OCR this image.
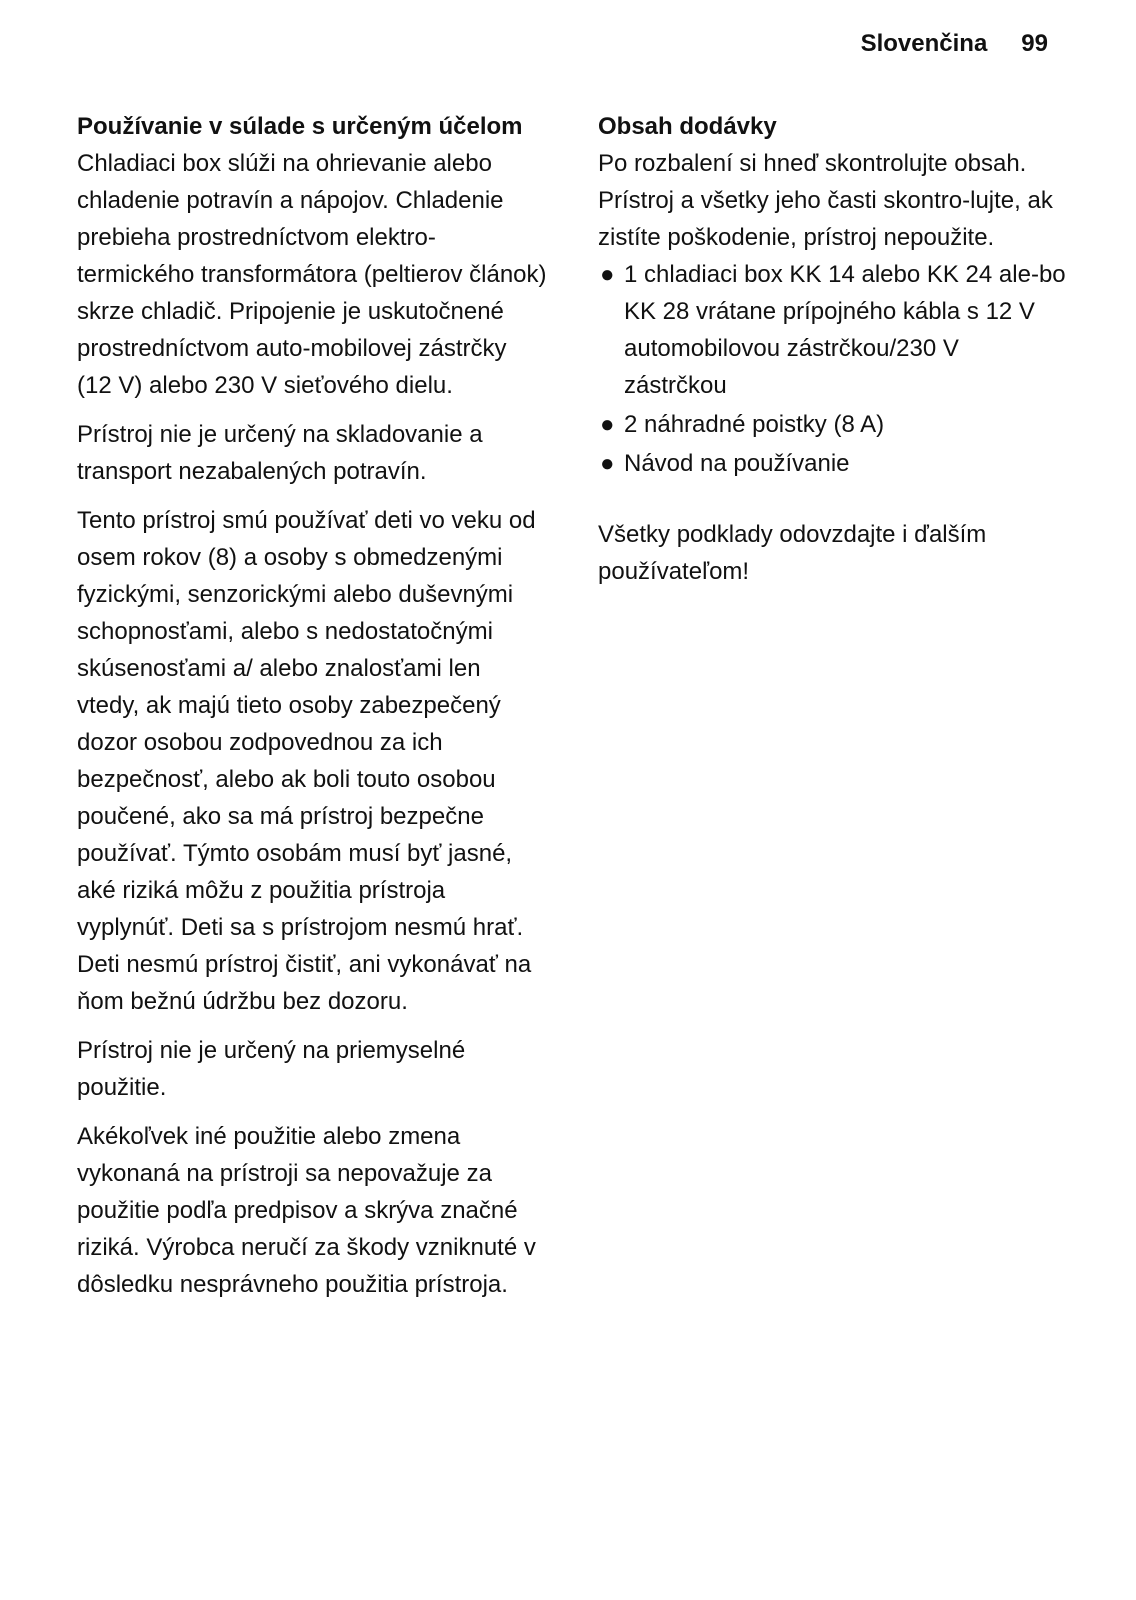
Slovenčina 99
Používanie v súlade s určeným účelom

Chladiaci box slúži na ohrievanie alebo chladenie potravín a nápojov. Chladenie prebieha prostredníctvom elektro-termického transformátora (peltierov článok) skrze chladič. Pripojenie je uskutočnené prostredníctvom auto-mobilovej zástrčky (12 V) alebo 230 V sieťového dielu.

Prístroj nie je určený na skladovanie a transport nezabalených potravín.

Tento prístroj smú používať deti vo veku od osem rokov (8) a osoby s obmedzenými fyzickými, senzorickými alebo duševnými schopnosťami, alebo s nedostatočnými skúsenosťami a/ alebo znalosťami len vtedy, ak majú tieto osoby zabezpečený dozor osobou zodpovednou za ich bezpečnosť, alebo ak boli touto osobou poučené, ako sa má prístroj bezpečne používať. Týmto osobám musí byť jasné, aké riziká môžu z použitia prístroja vyplynúť. Deti sa s prístrojom nesmú hrať. Deti nesmú prístroj čistiť, ani vykonávať na ňom bežnú údržbu bez dozoru.

Prístroj nie je určený na priemyselné použitie.

Akékoľvek iné použitie alebo zmena vykonaná na prístroji sa nepovažuje za použitie podľa predpisov a skrýva značné riziká. Výrobca neručí za škody vzniknuté v dôsledku nesprávneho použitia prístroja.

Obsah dodávky

Po rozbalení si hneď skontrolujte obsah. Prístroj a všetky jeho časti skontro-lujte, ak zistíte poškodenie, prístroj nepoužite.

● 1 chladiaci box KK 14 alebo KK 24 ale-bo KK 28 vrátane prípojného kábla s 12 V automobilovou zástrčkou/230 V zástrčkou
● 2 náhradné poistky (8 A)
● Návod na používanie

Všetky podklady odovzdajte i ďalším používateľom!
